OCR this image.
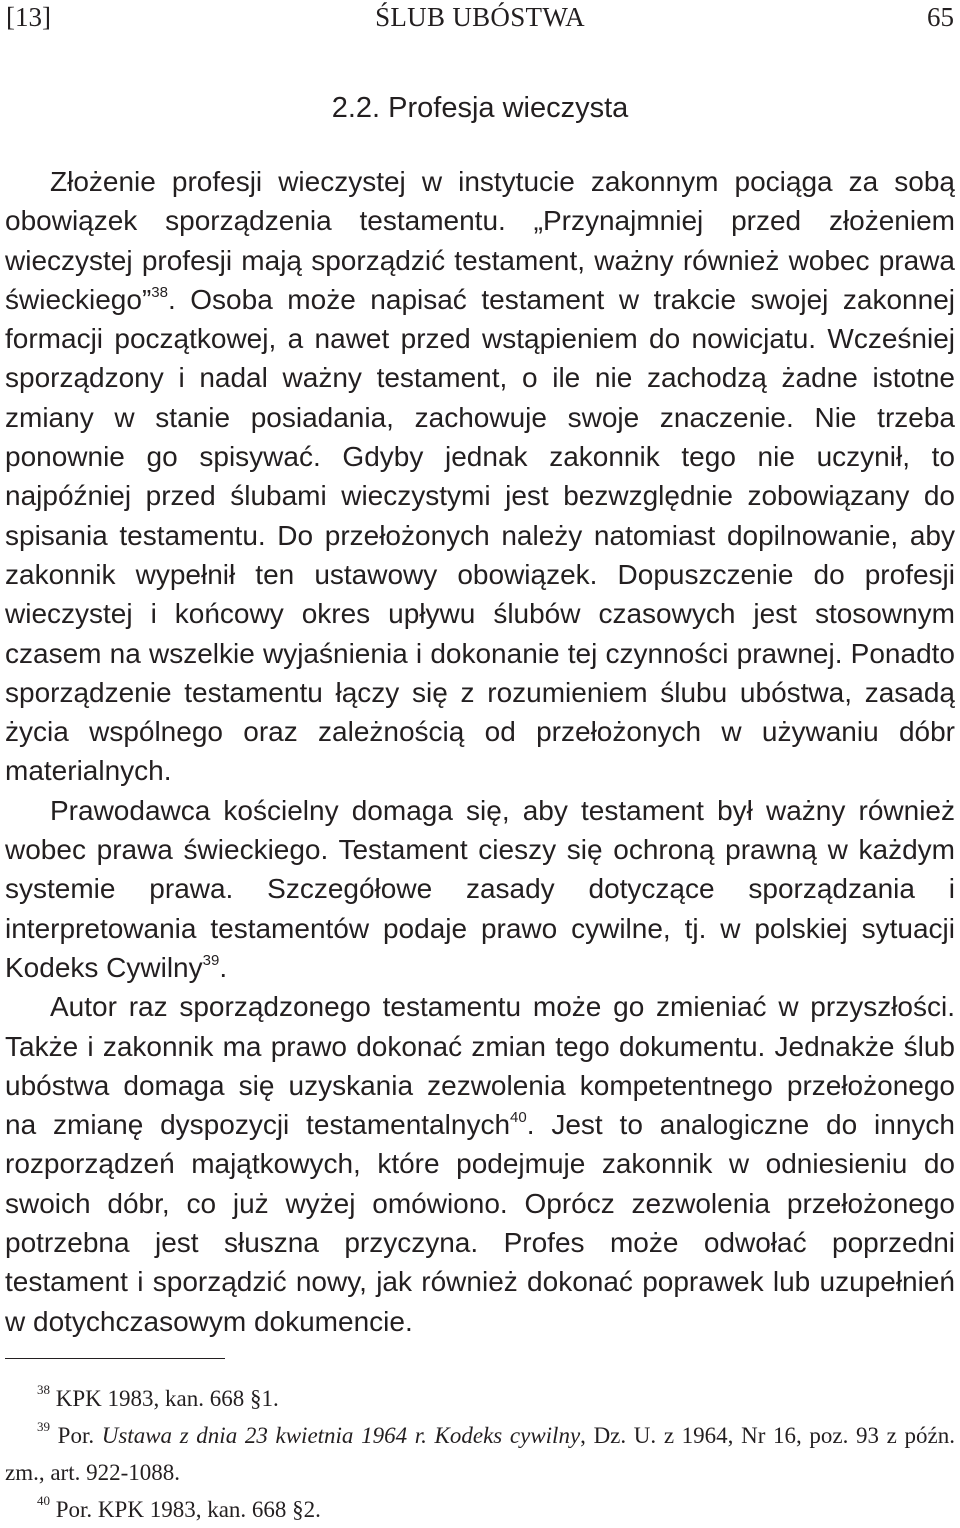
[13]	ŚLUB UBÓSTWA	65
2.2. Profesja wieczysta

Złożenie profesji wieczystej w instytucie zakonnym pociąga za sobą obowiązek sporządzenia testamentu. „Przynajmniej przed złożeniem wieczystej profesji mają sporządzić testament, ważny również wobec prawa świeckiego”$^{38}$. Osoba może napisać testament w trakcie swojej zakonnej formacji początkowej, a nawet przed wstąpieniem do nowicjatu. Wcześniej sporządzony i nadal ważny testament, o ile nie zachodzą żadne istotne zmiany w stanie posiadania, zachowuje swoje znaczenie. Nie trzeba ponownie go spisywać. Gdyby jednak zakonnik tego nie uczynił, to najpóźniej przed ślubami wieczystymi jest bezwzględnie zobowiązany do spisania testamentu. Do przełożonych należy natomiast dopilnowanie, aby zakonnik wypełnił ten ustawowy obowiązek. Dopuszczenie do profesji wieczystej i końcowy okres upływu ślubów czasowych jest stosownym czasem na wszelkie wyjaśnienia i dokonanie tej czynności prawnej. Ponadto sporządzenie testamentu łączy się z rozumieniem ślubu ubóstwa, zasadą życia wspólnego oraz zależnością od przełożonych w używaniu dóbr materialnych.

Prawodawca kościelny domaga się, aby testament był ważny również wobec prawa świeckiego. Testament cieszy się ochroną prawną w każdym systemie prawa. Szczegółowe zasady dotyczące sporządzania i interpretowania testamentów podaje prawo cywilne, tj. w polskiej sytuacji Kodeks Cywilny$^{39}$.

Autor raz sporządzonego testamentu może go zmieniać w przyszłości. Także i zakonnik ma prawo dokonać zmian tego dokumentu. Jednakże ślub ubóstwa domaga się uzyskania zezwolenia kompetentnego przełożonego na zmianę dyspozycji testamentalnych$^{40}$. Jest to analogiczne do innych rozporządzeń majątkowych, które podejmuje zakonnik w odniesieniu do swoich dóbr, co już wyżej omówiono. Oprócz zezwolenia przełożonego potrzebna jest słuszna przyczyna. Profes może odwołać poprzedni testament i sporządzić nowy, jak również dokonać poprawek lub uzupełnień w dotychczasowym dokumencie.

$^{38}$ KPK 1983, kan. 668 §1.

$^{39}$ Por. Ustawa z dnia 23 kwietnia 1964 r. Kodeks cywilny, Dz. U. z 1964, Nr 16, poz. 93 z późn. zm., art. 922-1088.

$^{40}$ Por. KPK 1983, kan. 668 §2.
